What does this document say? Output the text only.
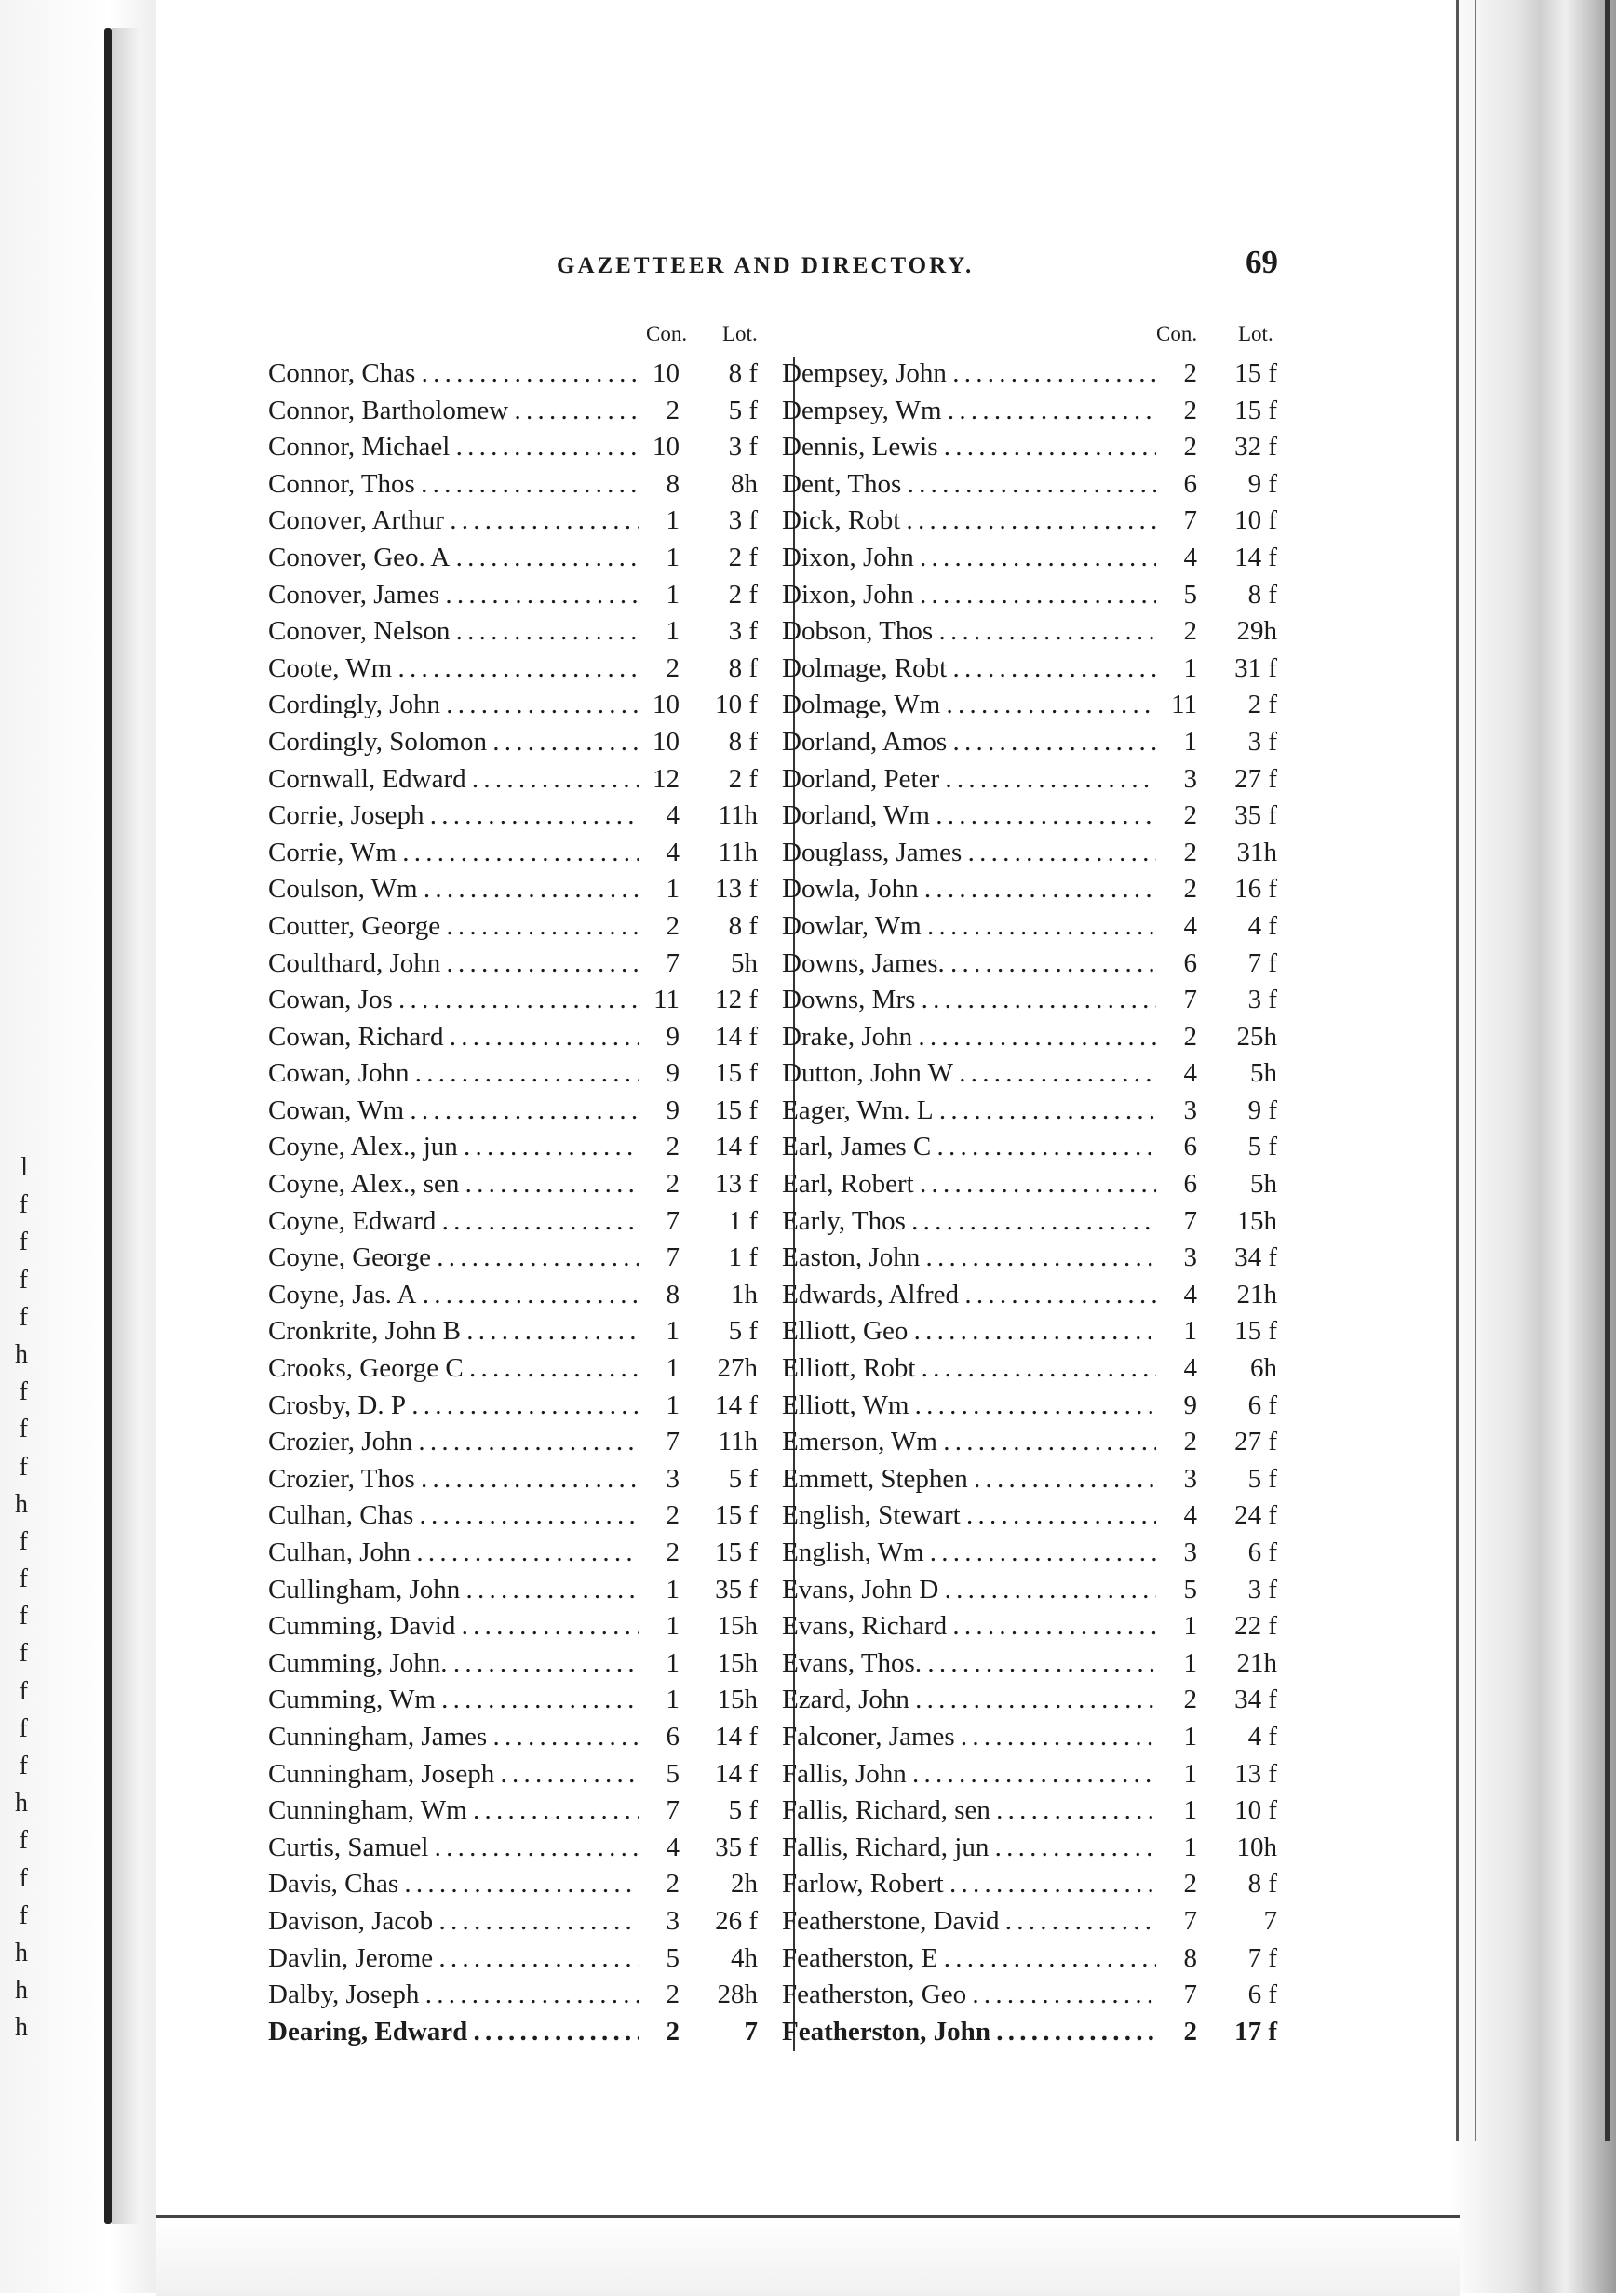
l
f
f
f
f
h
f
f
f
h
f
f
f
f
f
f
f
h
f
f
f
h
h
h
GAZETTEER AND DIRECTORY.	69
Con. Lot.
Connor, Chas . . .	10	8 f
Connor, Bartholomew . . .	2	5 f
Connor, Michael . . .	10	3 f
Connor, Thos . . .	8	8h
Conover, Arthur . . .	1	3 f
Conover, Geo. A . . .	1	2 f
Conover, James . . .	1	2 f
Conover, Nelson . . .	1	3 f
Coote, Wm . . .	2	8 f
Cordingly, John . . .	10	10 f
Cordingly, Solomon . . .	10	8 f
Cornwall, Edward . . .	12	2 f
Corrie, Joseph . . .	4	11h
Corrie, Wm . . .	4	11h
Coulson, Wm . . .	1	13 f
Coutter, George . . .	2	8 f
Coulthard, John . . .	7	5h
Cowan, Jos . . .	11	12 f
Cowan, Richard . . .	9	14 f
Cowan, John . . .	9	15 f
Cowan, Wm . . .	9	15 f
Coyne, Alex., jun . . .	2	14 f
Coyne, Alex., sen . . .	2	13 f
Coyne, Edward . . .	7	1 f
Coyne, George . . .	7	1 f
Coyne, Jas. A . . .	8	1h
Cronkrite, John B . . .	1	5 f
Crooks, George C . . .	1	27h
Crosby, D. P . . .	1	14 f
Crozier, John . . .	7	11h
Crozier, Thos . . .	3	5 f
Culhan, Chas . . .	2	15 f
Culhan, John . . .	2	15 f
Cullingham, John . . .	1	35 f
Cumming, David . . .	1	15h
Cumming, John. . . .	1	15h
Cumming, Wm . . .	1	15h
Cunningham, James . . .	6	14 f
Cunningham, Joseph . . .	5	14 f
Cunningham, Wm . . .	7	5 f
Curtis, Samuel . . .	4	35 f
Davis, Chas . . .	2	2h
Davison, Jacob . . .	3	26 f
Davlin, Jerome . . .	5	4h
Dalby, Joseph . . .	2	28h
Dearing, Edward . . .	2	7
Con. Lot.
Dempsey, John . . .	2	15 f
Dempsey, Wm . . .	2	15 f
Dennis, Lewis . . .	2	32 f
Dent, Thos . . .	6	9 f
Dick, Robt . . .	7	10 f
Dixon, John . . .	4	14 f
Dixon, John . . .	5	8 f
Dobson, Thos . . .	2	29h
Dolmage, Robt . . .	1	31 f
Dolmage, Wm . . .	11	2 f
Dorland, Amos . . .	1	3 f
Dorland, Peter . . .	3	27 f
Dorland, Wm . . .	2	35 f
Douglass, James . . .	2	31h
Dowla, John . . .	2	16 f
Dowlar, Wm . . .	4	4 f
Downs, James. . . .	6	7 f
Downs, Mrs . . .	7	3 f
Drake, John . . .	2	25h
Dutton, John W . . .	4	5h
Eager, Wm. L . . .	3	9 f
Earl, James C . . .	6	5 f
Earl, Robert . . .	6	5h
Early, Thos . . .	7	15h
Easton, John . . .	3	34 f
Edwards, Alfred . . .	4	21h
Elliott, Geo . . .	1	15 f
Elliott, Robt . . .	4	6h
Elliott, Wm . . .	9	6 f
Emerson, Wm . . .	2	27 f
Emmett, Stephen . . .	3	5 f
English, Stewart . . .	4	24 f
English, Wm . . .	3	6 f
Evans, John D . . .	5	3 f
Evans, Richard . . .	1	22 f
Evans, Thos. . . .	1	21h
Ezard, John . . .	2	34 f
Falconer, James . . .	1	4 f
Fallis, John . . .	1	13 f
Fallis, Richard, sen . . .	1	10 f
Fallis, Richard, jun . . .	1	10h
Farlow, Robert . . .	2	8 f
Featherstone, David . . .	7	7
Featherston, E . . .	8	7 f
Featherston, Geo . . .	7	6 f
Featherston, John . . .	2	17 f
